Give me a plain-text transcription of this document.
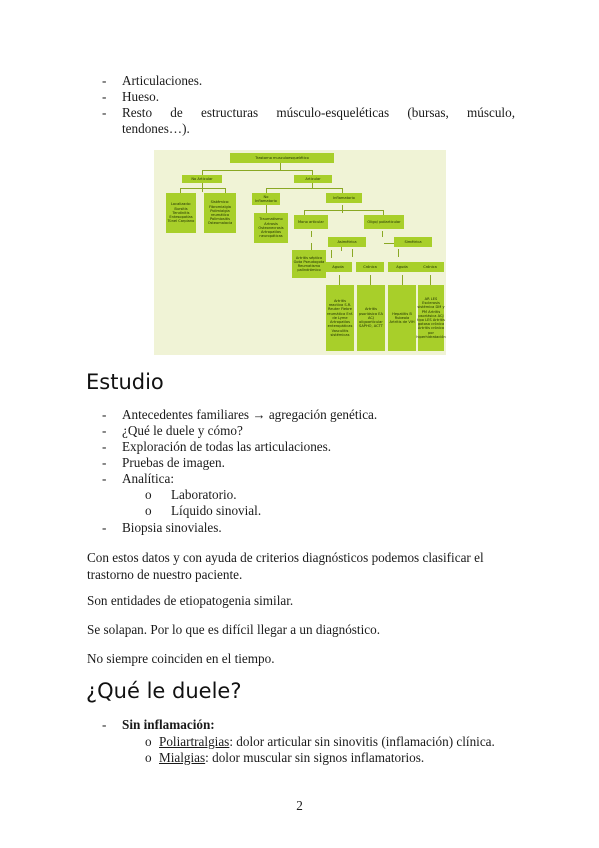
- Articulaciones.
- Hueso.
- Resto de estructuras músculo-esqueléticas (bursas, músculo,
tendones…).
Trastorno musculoesquelético
No Articular	Articular
Localizado: Bursitis Tendinitis Entesopatías Túnel Carpiano
Sistémico: Fibromialgia Polimialgia reumática Polimiositis Osteomalacia
No Inflamatorio
Inflamatorio
Traumatismo Artrosis Osteonecrosis Artropatías neuropáticas
Mono articular	Oligo/ poliarticular
Artritis séptica Gota Pseudogota Reumatismo palindrómico
Asimétrica	Simétrica
Aguda	Crónica	Aguda	Crónica
Artritis reactiva S.R. Reuter Fiebre reumática Enf. de Lyme Artropatías enteropáticas Vasculitis sistémicas
Artritis psoriásica EA ACJ oligoarticular SAPHO, ACTT
Hepatitis B Rubeola Artritis de VIH
AR LES Esclerosis sistémica DM y PM Artritis psoriásica ACJ tipo LES Artritis gotosa crónica Artritis crónica por hiperhidratación
Estudio
- Antecedentes familiares → agregación genética.
- ¿Qué le duele y cómo?
- Exploración de todas las articulaciones.
- Pruebas de imagen.
- Analítica:
o Laboratorio.
o Líquido sinovial.
- Biopsia sinoviales.
Con estos datos y con ayuda de criterios diagnósticos podemos clasificar el trastorno de nuestro paciente.
Son entidades de etiopatogenia similar.
Se solapan. Por lo que es difícil llegar a un diagnóstico.
No siempre coinciden en el tiempo.
¿Qué le duele?
- Sin inflamación:
o Poliartralgias: dolor articular sin sinovitis (inflamación) clínica.
o Mialgias: dolor muscular sin signos inflamatorios.
2
